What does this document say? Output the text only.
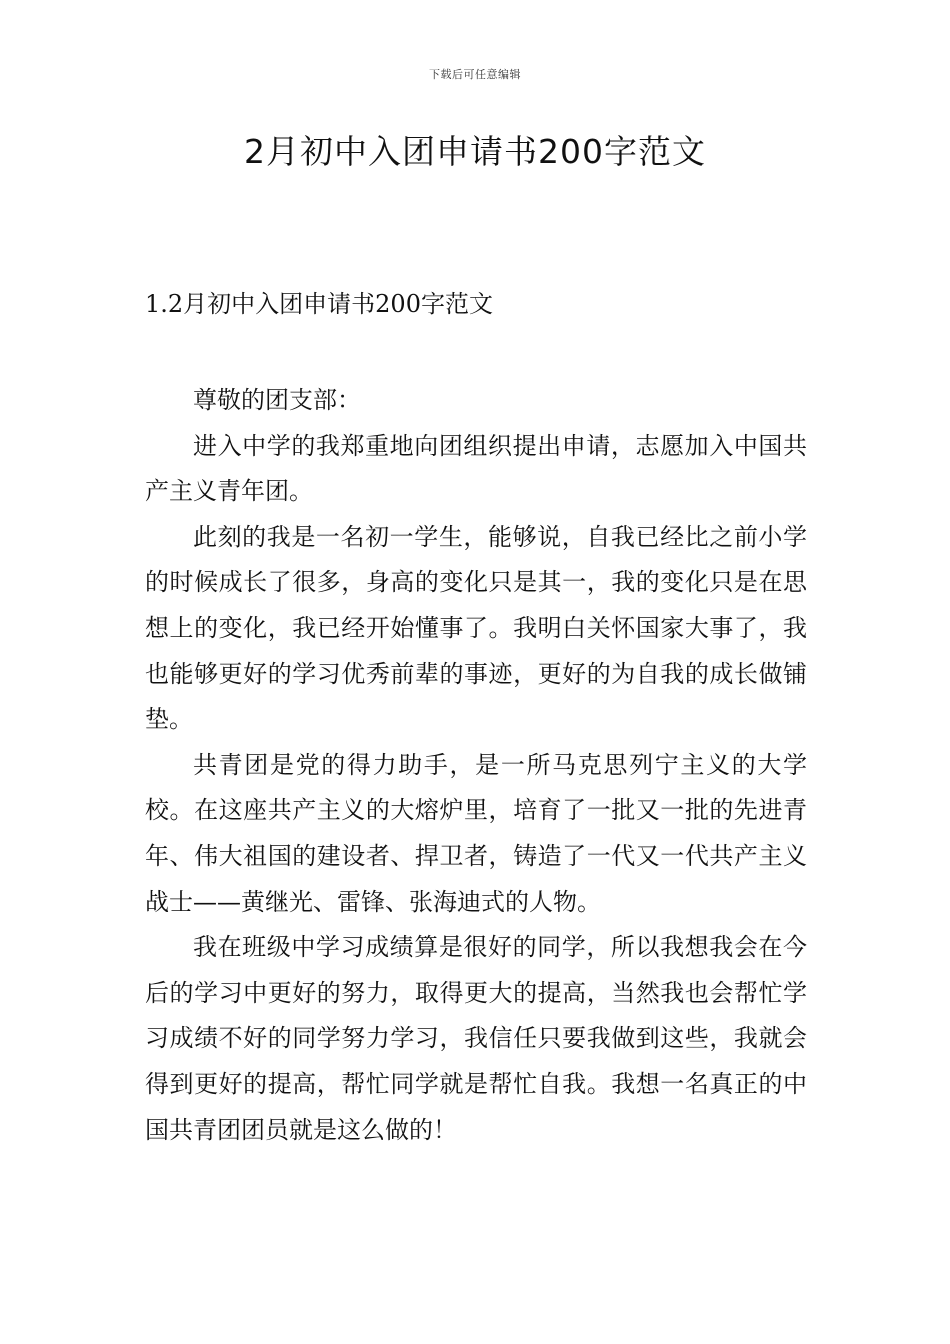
下载后可任意编辑
2月初中入团申请书200字范文
1.2月初中入团申请书200字范文

尊敬的团支部：

进入中学的我郑重地向团组织提出申请，志愿加入中国共产主义青年团。

此刻的我是一名初一学生，能够说，自我已经比之前小学的时候成长了很多，身高的变化只是其一，我的变化只是在思想上的变化，我已经开始懂事了。我明白关怀国家大事了，我也能够更好的学习优秀前辈的事迹，更好的为自我的成长做铺垫。

共青团是党的得力助手，是一所马克思列宁主义的大学校。在这座共产主义的大熔炉里，培育了一批又一批的先进青年、伟大祖国的建设者、捍卫者，铸造了一代又一代共产主义战士——黄继光、雷锋、张海迪式的人物。

我在班级中学习成绩算是很好的同学，所以我想我会在今后的学习中更好的努力，取得更大的提高，当然我也会帮忙学习成绩不好的同学努力学习，我信任只要我做到这些，我就会得到更好的提高，帮忙同学就是帮忙自我。我想一名真正的中国共青团团员就是这么做的！
